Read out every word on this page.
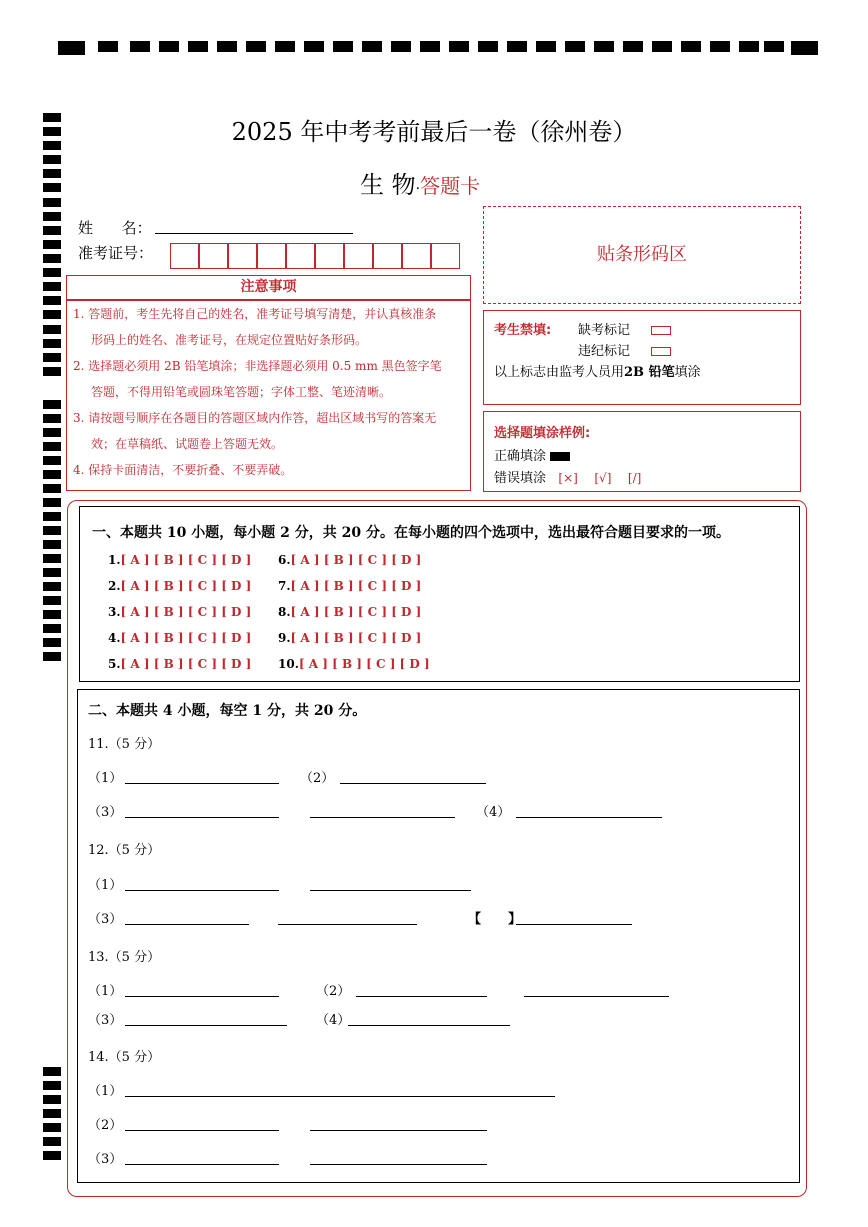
2025 年中考考前最后一卷（徐州卷）
生 物·答题卡
姓      名：
准考证号：	贴条形码区
注意事项
1. 答题前，考生先将自己的姓名，准考证号填写清楚，并认真核准条
形码上的姓名、准考证号，在规定位置贴好条形码。
2. 选择题必须用 2B 铅笔填涂；非选择题必须用 0.5 mm 黑色签字笔
答题，不得用铅笔或圆珠笔答题；字体工整、笔迹清晰。
3. 请按题号顺序在各题目的答题区域内作答，超出区域书写的答案无
效；在草稿纸、试题卷上答题无效。
4. 保持卡面清洁，不要折叠、不要弄破。
考生禁填: 缺考标记
违纪标记
以上标志由监考人员用2B 铅笔填涂
选择题填涂样例:
正确填涂
错误填涂 [×] [√] [/]
一、本题共 10 小题，每小题 2 分，共 20 分。在每小题的四个选项中，选出最符合题目要求的一项。
1.[ A ] [ B ] [ C ] [ D ] 6.[ A ] [ B ] [ C ] [ D ]
2.[ A ] [ B ] [ C ] [ D ] 7.[ A ] [ B ] [ C ] [ D ]
3.[ A ] [ B ] [ C ] [ D ] 8.[ A ] [ B ] [ C ] [ D ]
4.[ A ] [ B ] [ C ] [ D ] 9.[ A ] [ B ] [ C ] [ D ]
5.[ A ] [ B ] [ C ] [ D ] 10.[ A ] [ B ] [ C ] [ D ]
二、本题共 4 小题，每空 1 分，共 20 分。
11.（5 分）
（1）	（2）
（3）	（4）
12.（5 分）
（1）
（3）	【      】
13.（5 分）
（1）	（2）
（3）	（4）
14.（5 分）
（1）
（2）
（3）
